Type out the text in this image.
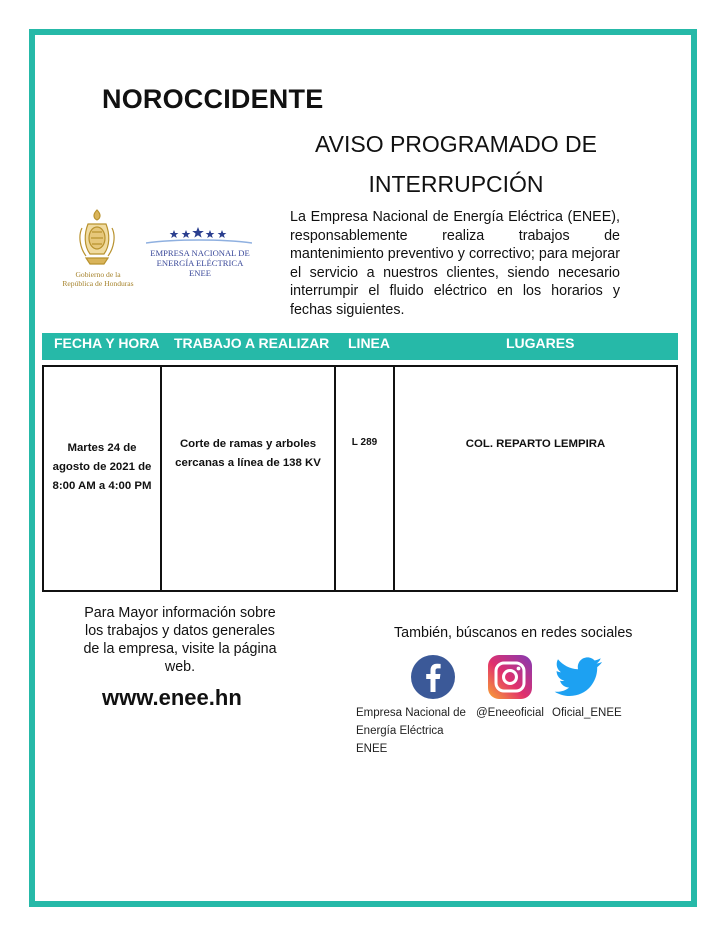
NOROCCIDENTE
AVISO PROGRAMADO DE
INTERRUPCIÓN
Gobierno de la
República de Honduras
EMPRESA NACIONAL DE
ENERGÍA ELÉCTRICA
ENEE
La Empresa Nacional de Energía Eléctrica (ENEE), responsablemente realiza trabajos de mantenimiento preventivo y correctivo; para mejorar el servicio a nuestros clientes, siendo necesario interrumpir el fluido eléctrico en los horarios y fechas siguientes.
FECHA Y HORA TRABAJO A REALIZAR LINEA	LUGARES
Martes 24 de
agosto de 2021 de
8:00 AM a 4:00 PM
Corte de ramas y arboles
cercanas a línea de 138 KV
L 289	COL. REPARTO LEMPIRA
Para Mayor información sobre
los trabajos y datos generales
de la empresa, visite la página
web.
www.enee.hn
También, búscanos en redes sociales
Empresa Nacional de
Energía Eléctrica
ENEE
@Eneeoficial Oficial_ENEE
